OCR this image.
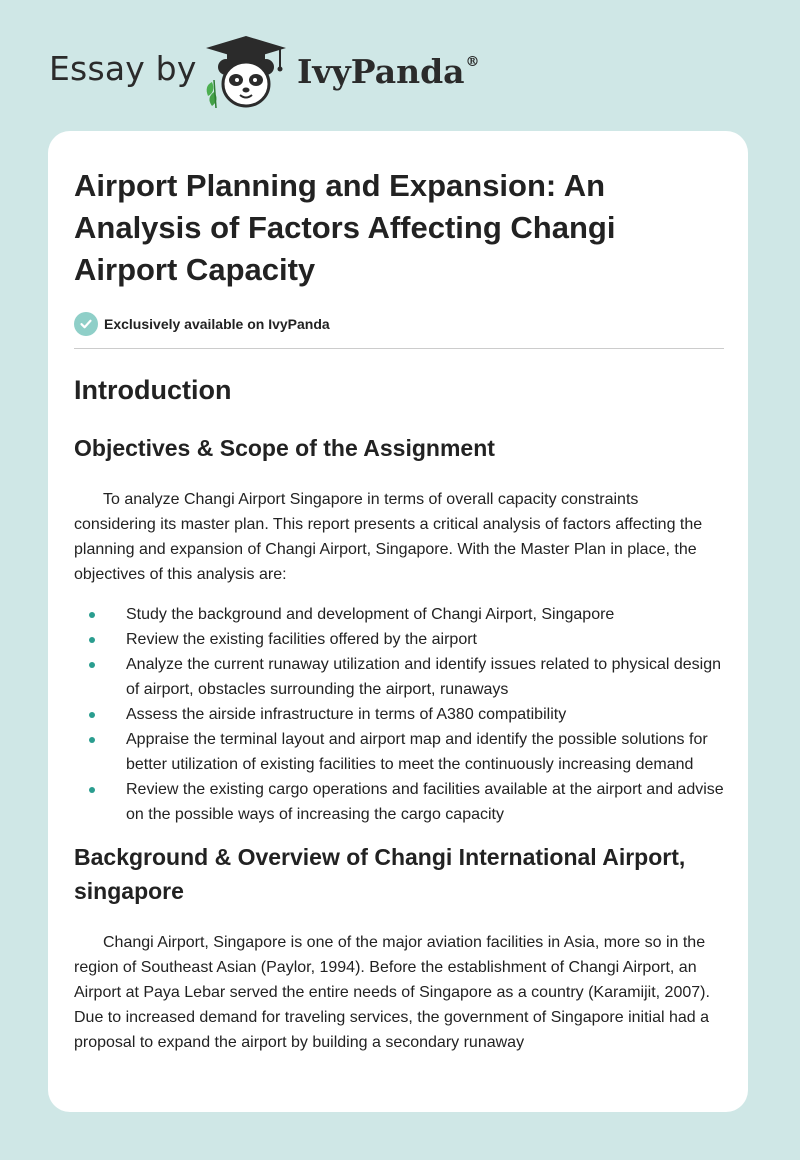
Essay by	IvyPanda®
Airport Planning and Expansion: An Analysis of Factors Affecting Changi Airport Capacity
Exclusively available on IvyPanda
Introduction
Objectives & Scope of the Assignment

To analyze Changi Airport Singapore in terms of overall capacity constraints considering its master plan. This report presents a critical analysis of factors affecting the planning and expansion of Changi Airport, Singapore. With the Master Plan in place, the objectives of this analysis are:

Study the background and development of Changi Airport, Singapore
Review the existing facilities offered by the airport
Analyze the current runaway utilization and identify issues related to physical design of airport, obstacles surrounding the airport, runaways
Assess the airside infrastructure in terms of A380 compatibility
Appraise the terminal layout and airport map and identify the possible solutions for better utilization of existing facilities to meet the continuously increasing demand
Review the existing cargo operations and facilities available at the airport and advise on the possible ways of increasing the cargo capacity
Background & Overview of Changi International Airport, singapore

Changi Airport, Singapore is one of the major aviation facilities in Asia, more so in the region of Southeast Asian (Paylor, 1994). Before the establishment of Changi Airport, an Airport at Paya Lebar served the entire needs of Singapore as a country (Karamijit, 2007). Due to increased demand for traveling services, the government of Singapore initial had a proposal to expand the airport by building a secondary runaway
